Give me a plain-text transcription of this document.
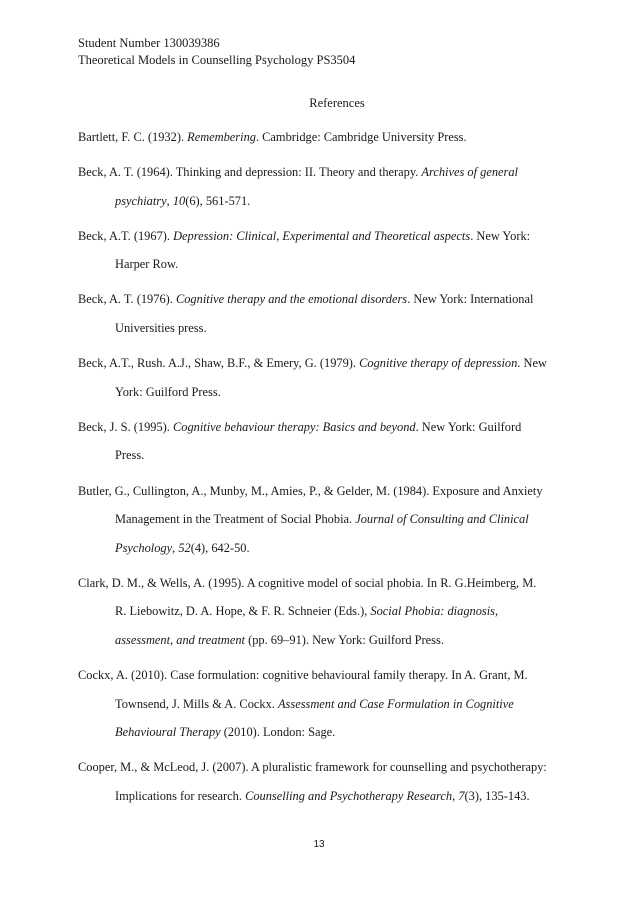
Student Number 130039386
Theoretical Models in Counselling Psychology PS3504
References

Bartlett, F. C. (1932). Remembering. Cambridge: Cambridge University Press.

Beck, A. T. (1964). Thinking and depression: II. Theory and therapy. Archives of general psychiatry, 10(6), 561-571.

Beck, A.T. (1967). Depression: Clinical, Experimental and Theoretical aspects. New York: Harper Row.

Beck, A. T. (1976). Cognitive therapy and the emotional disorders. New York: International Universities press.

Beck, A.T., Rush. A.J., Shaw, B.F., & Emery, G. (1979). Cognitive therapy of depression. New York: Guilford Press.

Beck, J. S. (1995). Cognitive behaviour therapy: Basics and beyond. New York: Guilford Press.

Butler, G., Cullington, A., Munby, M., Amies, P., & Gelder, M. (1984). Exposure and Anxiety Management in the Treatment of Social Phobia. Journal of Consulting and Clinical Psychology, 52(4), 642-50.

Clark, D. M., & Wells, A. (1995). A cognitive model of social phobia. In R. G.Heimberg, M. R. Liebowitz, D. A. Hope, & F. R. Schneier (Eds.), Social Phobia: diagnosis, assessment, and treatment (pp. 69–91). New York: Guilford Press.

Cockx, A. (2010). Case formulation: cognitive behavioural family therapy. In A. Grant, M. Townsend, J. Mills & A. Cockx. Assessment and Case Formulation in Cognitive Behavioural Therapy (2010). London: Sage.

Cooper, M., & McLeod, J. (2007). A pluralistic framework for counselling and psychotherapy: Implications for research. Counselling and Psychotherapy Research, 7(3), 135-143.

13
